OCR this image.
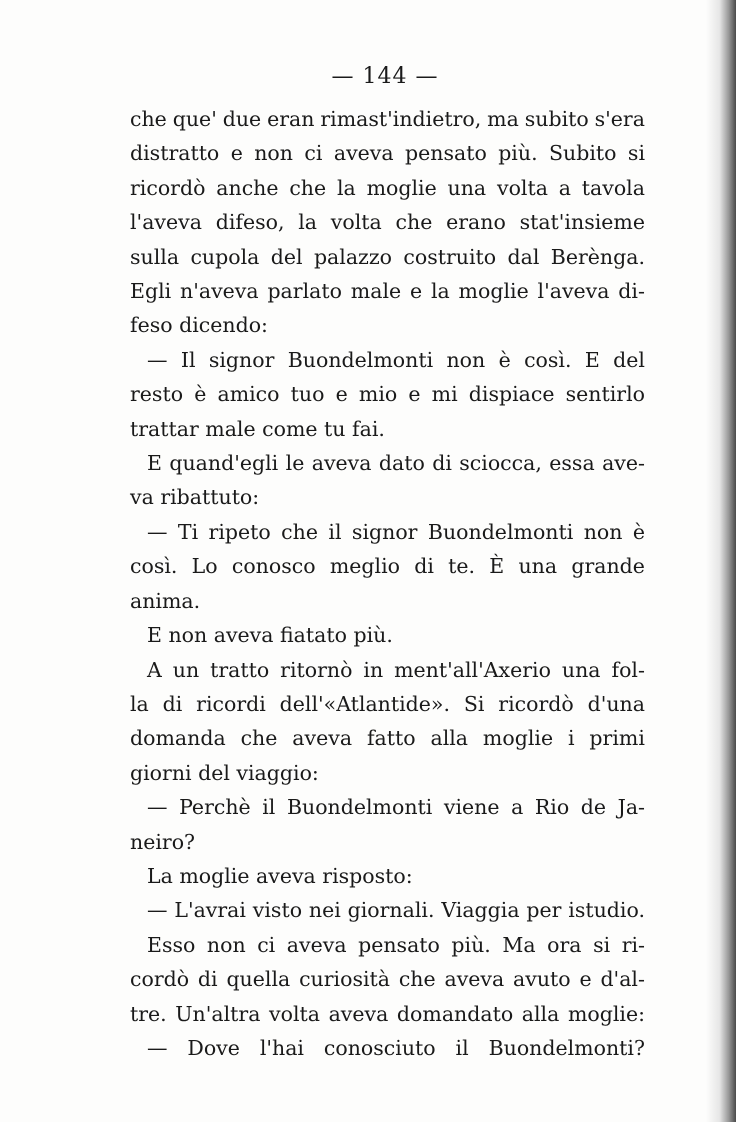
— 144 —
che que' due eran rimast'indietro, ma subito s'era
distratto e non ci aveva pensato più. Subito si
ricordò anche che la moglie una volta a tavola
l'aveva difeso, la volta che erano stat'insieme
sulla cupola del palazzo costruito dal Berènga.
Egli n'aveva parlato male e la moglie l'aveva di-
feso dicendo:
— Il signor Buondelmonti non è così. E del
resto è amico tuo e mio e mi dispiace sentirlo
trattar male come tu fai.
E quand'egli le aveva dato di sciocca, essa ave-
va ribattuto:
— Ti ripeto che il signor Buondelmonti non è
così. Lo conosco meglio di te. È una grande
anima.
E non aveva fiatato più.
A un tratto ritornò in ment'all'Axerio una fol-
la di ricordi dell'«Atlantide». Si ricordò d'una
domanda che aveva fatto alla moglie i primi
giorni del viaggio:
— Perchè il Buondelmonti viene a Rio de Ja-
neiro?
La moglie aveva risposto:
— L'avrai visto nei giornali. Viaggia per istudio.
Esso non ci aveva pensato più. Ma ora si ri-
cordò di quella curiosità che aveva avuto e d'al-
tre. Un'altra volta aveva domandato alla moglie:
— Dove l'hai conosciuto il Buondelmonti?
